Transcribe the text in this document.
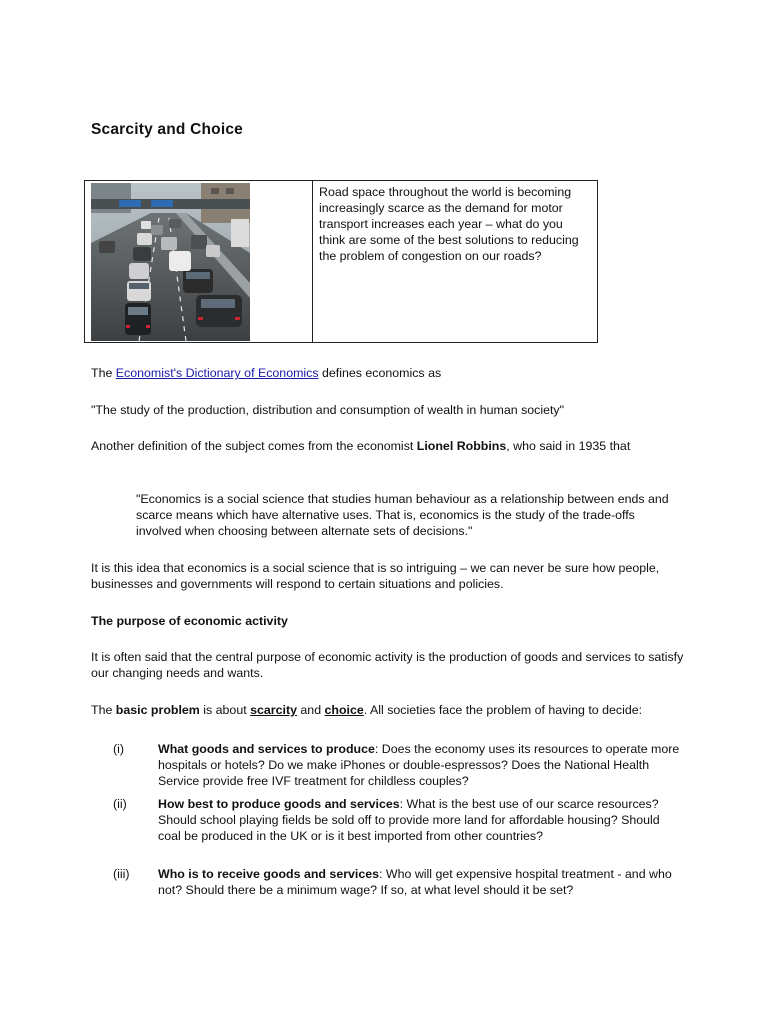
Scarcity and Choice
Road space throughout the world is becoming increasingly scarce as the demand for motor transport increases each year – what do you think are some of the best solutions to reducing the problem of congestion on our roads?

The Economist's Dictionary of Economics defines economics as

"The study of the production, distribution and consumption of wealth in human society"

Another definition of the subject comes from the economist Lionel Robbins, who said in 1935 that

"Economics is a social science that studies human behaviour as a relationship between ends and scarce means which have alternative uses. That is, economics is the study of the trade-offs involved when choosing between alternate sets of decisions."

It is this idea that economics is a social science that is so intriguing – we can never be sure how people, businesses and governments will respond to certain situations and policies.

The purpose of economic activity

It is often said that the central purpose of economic activity is the production of goods and services to satisfy our changing needs and wants.

The basic problem is about scarcity and choice. All societies face the problem of having to decide:

(i)	What goods and services to produce: Does the economy uses its resources to operate more hospitals or hotels? Do we make iPhones or double-espressos? Does the National Health Service provide free IVF treatment for childless couples?
(ii)	How best to produce goods and services: What is the best use of our scarce resources? Should school playing fields be sold off to provide more land for affordable housing? Should coal be produced in the UK or is it best imported from other countries?
(iii)	Who is to receive goods and services: Who will get expensive hospital treatment - and who not? Should there be a minimum wage? If so, at what level should it be set?
